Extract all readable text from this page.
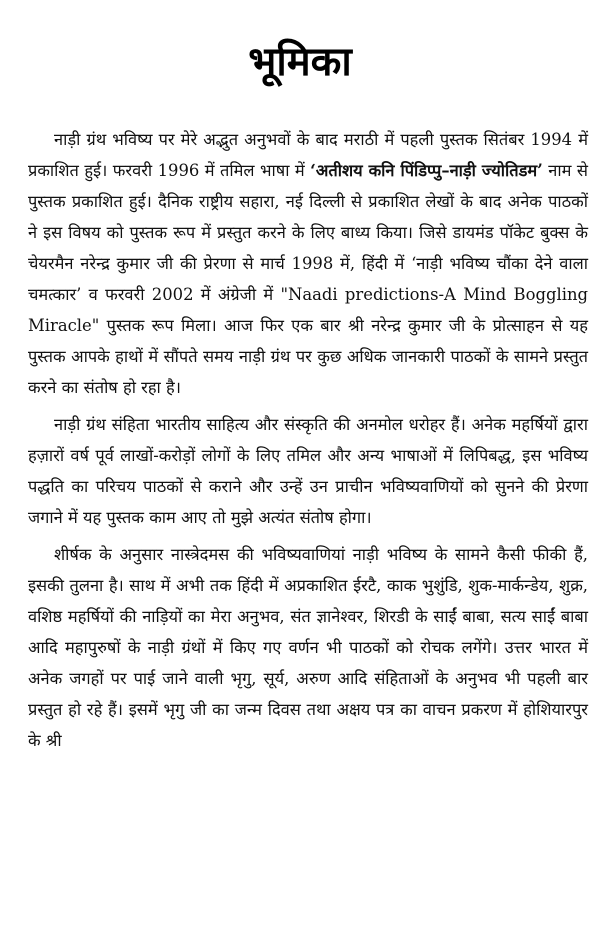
भूमिका

नाड़ी ग्रंथ भविष्य पर मेरे अद्भुत अनुभवों के बाद मराठी में पहली पुस्तक सितंबर 1994 में प्रकाशित हुई। फरवरी 1996 में तमिल भाषा में ‘अतीशय कनि पिंडिप्पु–नाड़ी ज्योतिडम’ नाम से पुस्तक प्रकाशित हुई। दैनिक राष्ट्रीय सहारा, नई दिल्ली से प्रकाशित लेखों के बाद अनेक पाठकों ने इस विषय को पुस्तक रूप में प्रस्तुत करने के लिए बाध्य किया। जिसे डायमंड पॉकेट बुक्स के चेयरमैन नरेन्द्र कुमार जी की प्रेरणा से मार्च 1998 में, हिंदी में ‘नाड़ी भविष्य चौंका देने वाला चमत्कार’ व फरवरी 2002 में अंग्रेजी में "Naadi predictions-A Mind Boggling Miracle" पुस्तक रूप मिला। आज फिर एक बार श्री नरेन्द्र कुमार जी के प्रोत्साहन से यह पुस्तक आपके हाथों में सौंपते समय नाड़ी ग्रंथ पर कुछ अधिक जानकारी पाठकों के सामने प्रस्तुत करने का संतोष हो रहा है।

नाड़ी ग्रंथ संहिता भारतीय साहित्य और संस्कृति की अनमोल धरोहर हैं। अनेक महर्षियों द्वारा हज़ारों वर्ष पूर्व लाखों-करोड़ों लोगों के लिए तमिल और अन्य भाषाओं में लिपिबद्ध, इस भविष्य पद्धति का परिचय पाठकों से कराने और उन्हें उन प्राचीन भविष्यवाणियों को सुनने की प्रेरणा जगाने में यह पुस्तक काम आए तो मुझे अत्यंत संतोष होगा।

शीर्षक के अनुसार नास्त्रेदमस की भविष्यवाणियां नाड़ी भविष्य के सामने कैसी फीकी हैं, इसकी तुलना है। साथ में अभी तक हिंदी में अप्रकाशित ईरटै, काक भुशुंडि, शुक-मार्कन्डेय, शुक्र, वशिष्ठ महर्षियों की नाड़ियों का मेरा अनुभव, संत ज्ञानेश्वर, शिरडी के साईं बाबा, सत्य साईं बाबा आदि महापुरुषों के नाड़ी ग्रंथों में किए गए वर्णन भी पाठकों को रोचक लगेंगे। उत्तर भारत में अनेक जगहों पर पाई जाने वाली भृगु, सूर्य, अरुण आदि संहिताओं के अनुभव भी पहली बार प्रस्तुत हो रहे हैं। इसमें भृगु जी का जन्म दिवस तथा अक्षय पत्र का वाचन प्रकरण में होशियारपुर के श्री
